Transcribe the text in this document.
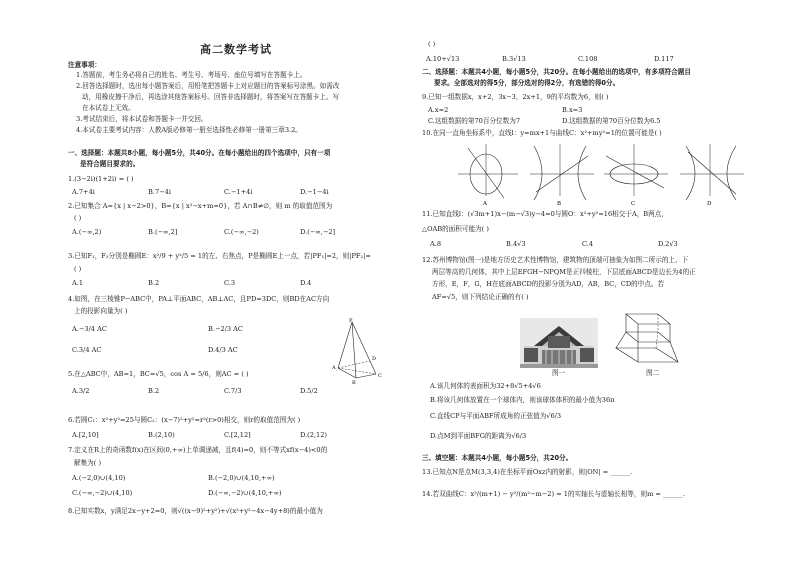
高二数学考试
注意事项：
1.答题前，考生务必将自己的姓名、考生号、考场号、座位号填写在答题卡上。
2.回答选择题时，选出每小题答案后，用铅笔把答题卡上对应题目的答案标号涂黑。如需改
动，用橡皮擦干净后，再选涂其他答案标号。回答非选择题时，将答案写在答题卡上。写
在本试卷上无效。
3.考试结束后，将本试卷和答题卡一并交回。
4.本试卷主要考试内容：人教A版必修第一册至选择性必修第一册第三章3.2。
一、选择题：本题共8小题，每小题5分，共40分。在每小题给出的四个选项中，只有一项
是符合题目要求的。
1.(3−2i)(1+2i) = ( )
A.7+4i	B.7−4i	C.−1+4i	D.−1−4i
2.已知集合 A={x | x−2>0}，B={x | x²−x+m=0}，若 A∩B≠∅，则 m 的取值范围为
( )
A.(−∞,2)	B.(−∞,2]	C.(−∞,−2)	D.(−∞,−2]
3.已知F₁，F₂分别是椭圆E：x²/9 + y²/5 = 1的左、右焦点，P是椭圆E上一点，若|PF₁|=2，则|PF₂|=
( )
A.1	B.2	C.3	D.4
4.如图，在三棱锥P−ABC中，PA⊥平面ABC，AB⊥AC，且PD=3DC，则BD在AC方向
上的投影向量为( )
A.−3/4 AC	B.−2/3 AC
C.3/4 AC	D.4/3 AC
P
D
A
B
C
5.在△ABC中，AB=1，BC=√5，cos A = 5/6，则AC = ( )
A.3/2	B.2	C.7/3	D.5/2
6.若圆C₁：x²+y²=25与圆C₂：(x−7)²+y²=r²(r>0)相交，则r的取值范围为( )
A.[2,10]	B.(2,10)	C.[2,12]	D.(2,12)
7.定义在R上的奇函数f(x)在区间(0,+∞)上单调递减，且f(4)=0，则不等式xf(x−4)<0的
解集为( )
A.(−2,0)∪(4,10)	B.(−2,0)∪(4,10,+∞)
C.(−∞,−2)∪(4,10)	D.(−∞,−2)∪(4,10,+∞)
8.已知实数x，y满足2x−y+2=0，则√((x−9)²+y²)+√(x²+y²−4x−4y+8)的最小值为
( )
A.10+√13	B.3√13	C.108	D.117
二、选择题：本题共4小题，每小题5分，共20分。在每小题给出的选项中，有多项符合题目
要求。全部选对的得5分，部分选对的得2分，有选错的得0分。
9.已知一组数据x，x+2，3x−3，2x+1，9的平均数为6，则( )
A.x=2	B.x=3
C.这组数据的第70百分位数为7	D.这组数据的第70百分位数为6.5
10.在同一直角坐标系中，直线l：y=mx+1与曲线C：x²+my²=1的位置可能是( )
A	B	C	D
11.已知直线l：(√3m+1)x−(m−√3)y−4=0与圆O：x²+y²=16相交于A，B两点，
△OAB的面积可能为( )
A.8	B.4√3	C.4	D.2√3
12.苏州博物馆(图一)是地方历史艺术性博物馆，建筑物的顶端可抽象为如图二所示的上、下
两层等高的几何体，其中上层EFGH−NPQM是正四棱柱，下层底面ABCD是边长为4的正
方形，E，F，G，H在底面ABCD的投影分别为AD，AB，BC，CD的中点。若
AF=√5，则下列结论正确的有( )
图一	图二
A.该几何体的表面积为32+8√5+4√6
B.将该几何体放置在一个球体内，则该球体体积的最小值为36π
C.直线CP与平面ABF所成角的正弦值为√6/3
D.点M到平面BFG的距离为√6/3
三、填空题：本题共4小题，每小题5分，共20分。
13.已知点N是点M(3,3,4)在坐标平面Oxz内的射影，则|ON| = ______.
14.若双曲线C：x²/(m+1) − y²/(m²−m−2) = 1的实轴长与虚轴长相等，则m = ______.
